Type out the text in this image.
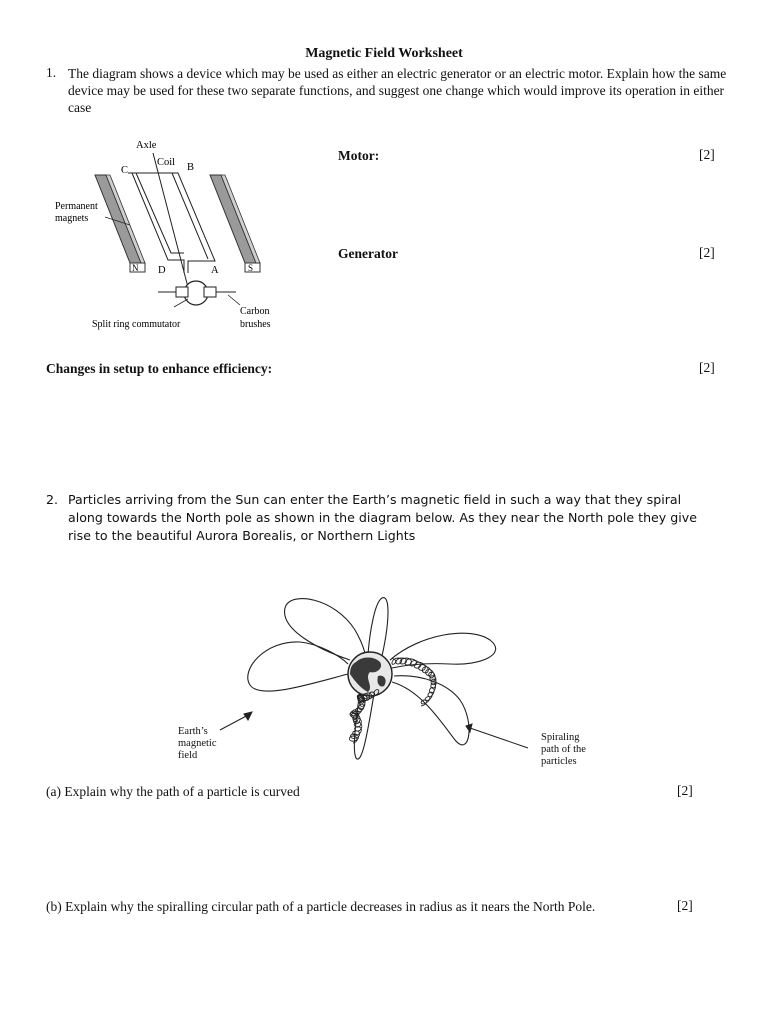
Magnetic Field Worksheet
1. The diagram shows a device which may be used as either an electric generator or an electric motor. Explain how the same device may be used for these two separate functions, and suggest one change which would improve its operation in either case
N	S
Axle
Coil
C	B
D	A
Permanent
magnets
Split ring commutator
Carbon
brushes
Motor:	[2]
Generator	[2]
Changes in setup to enhance efficiency:	[2]
2. Particles arriving from the Sun can enter the Earth’s magnetic field in such a way that they spiral along towards the North pole as shown in the diagram below. As they near the North pole they give rise to the beautiful Aurora Borealis, or Northern Lights
Earth’s
magnetic
field
Spiraling
path of the
particles
(a) Explain why the path of a particle is curved	[2]
(b) Explain why the spiralling circular path of a particle decreases in radius as it nears the North Pole.	[2]
